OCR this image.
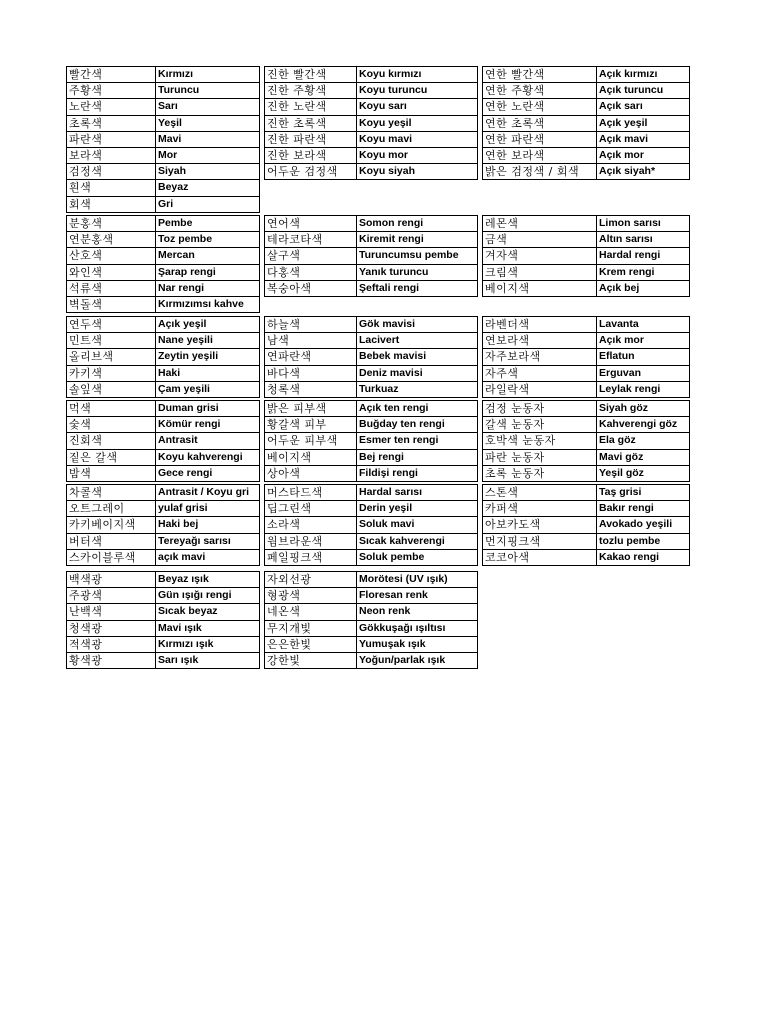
빨간색	Kırmızı
주황색	Turuncu
노란색	Sarı
초록색	Yeşil
파란색	Mavi
보라색	Mor
검정색	Siyah
흰색	Beyaz
회색	Gri
진한 빨간색	Koyu kırmızı
진한 주황색	Koyu turuncu
진한 노란색	Koyu sarı
진한 초록색	Koyu yeşil
진한 파란색	Koyu mavi
진한 보라색	Koyu mor
어두운 검정색	Koyu siyah
연한 빨간색	Açık kırmızı
연한 주황색	Açık turuncu
연한 노란색	Açık sarı
연한 초록색	Açık yeşil
연한 파란색	Açık mavi
연한 보라색	Açık mor
밝은 검정색 / 회색	Açık siyah*
분홍색	Pembe
연분홍색	Toz pembe
산호색	Mercan
와인색	Şarap rengi
석류색	Nar rengi
벽돌색	Kırmızımsı kahve
연어색	Somon rengi
테라코타색	Kiremit rengi
살구색	Turuncumsu pembe
다홍색	Yanık turuncu
복숭아색	Şeftali rengi
레몬색	Limon sarısı
금색	Altın sarısı
겨자색	Hardal rengi
크림색	Krem rengi
베이지색	Açık bej
연두색	Açık yeşil
민트색	Nane yeşili
올리브색	Zeytin yeşili
카키색	Haki
솔잎색	Çam yeşili
하늘색	Gök mavisi
남색	Lacivert
연파란색	Bebek mavisi
바다색	Deniz mavisi
청록색	Turkuaz
라벤더색	Lavanta
연보라색	Açık mor
자주보라색	Eflatun
자주색	Erguvan
라일락색	Leylak rengi
먹색	Duman grisi
숯색	Kömür rengi
진회색	Antrasit
짙은 갈색	Koyu kahverengi
밤색	Gece rengi
밝은 피부색	Açık ten rengi
황갈색 피부	Buğday ten rengi
어두운 피부색	Esmer ten rengi
베이지색	Bej rengi
상아색	Fildişi rengi
검정 눈동자	Siyah göz
갈색 눈동자	Kahverengi göz
호박색 눈동자	Ela göz
파란 눈동자	Mavi göz
초록 눈동자	Yeşil göz
차콜색	Antrasit / Koyu gri
오트그레이	yulaf grisi
카키베이지색	Haki bej
버터색	Tereyağı sarısı
스카이블루색	açık mavi
머스타드색	Hardal sarısı
딥그린색	Derin yeşil
소라색	Soluk mavi
웜브라운색	Sıcak kahverengi
페일핑크색	Soluk pembe
스톤색	Taş grisi
카퍼색	Bakır rengi
아보카도색	Avokado yeşili
먼지핑크색	tozlu pembe
코코아색	Kakao rengi
백색광	Beyaz ışık
주광색	Gün ışığı rengi
난백색	Sıcak beyaz
청색광	Mavi ışık
적색광	Kırmızı ışık
황색광	Sarı ışık
자외선광	Morötesi (UV ışık)
형광색	Floresan renk
네온색	Neon renk
무지개빛	Gökkuşağı ışıltısı
은은한빛	Yumuşak ışık
강한빛	Yoğun/parlak ışık
